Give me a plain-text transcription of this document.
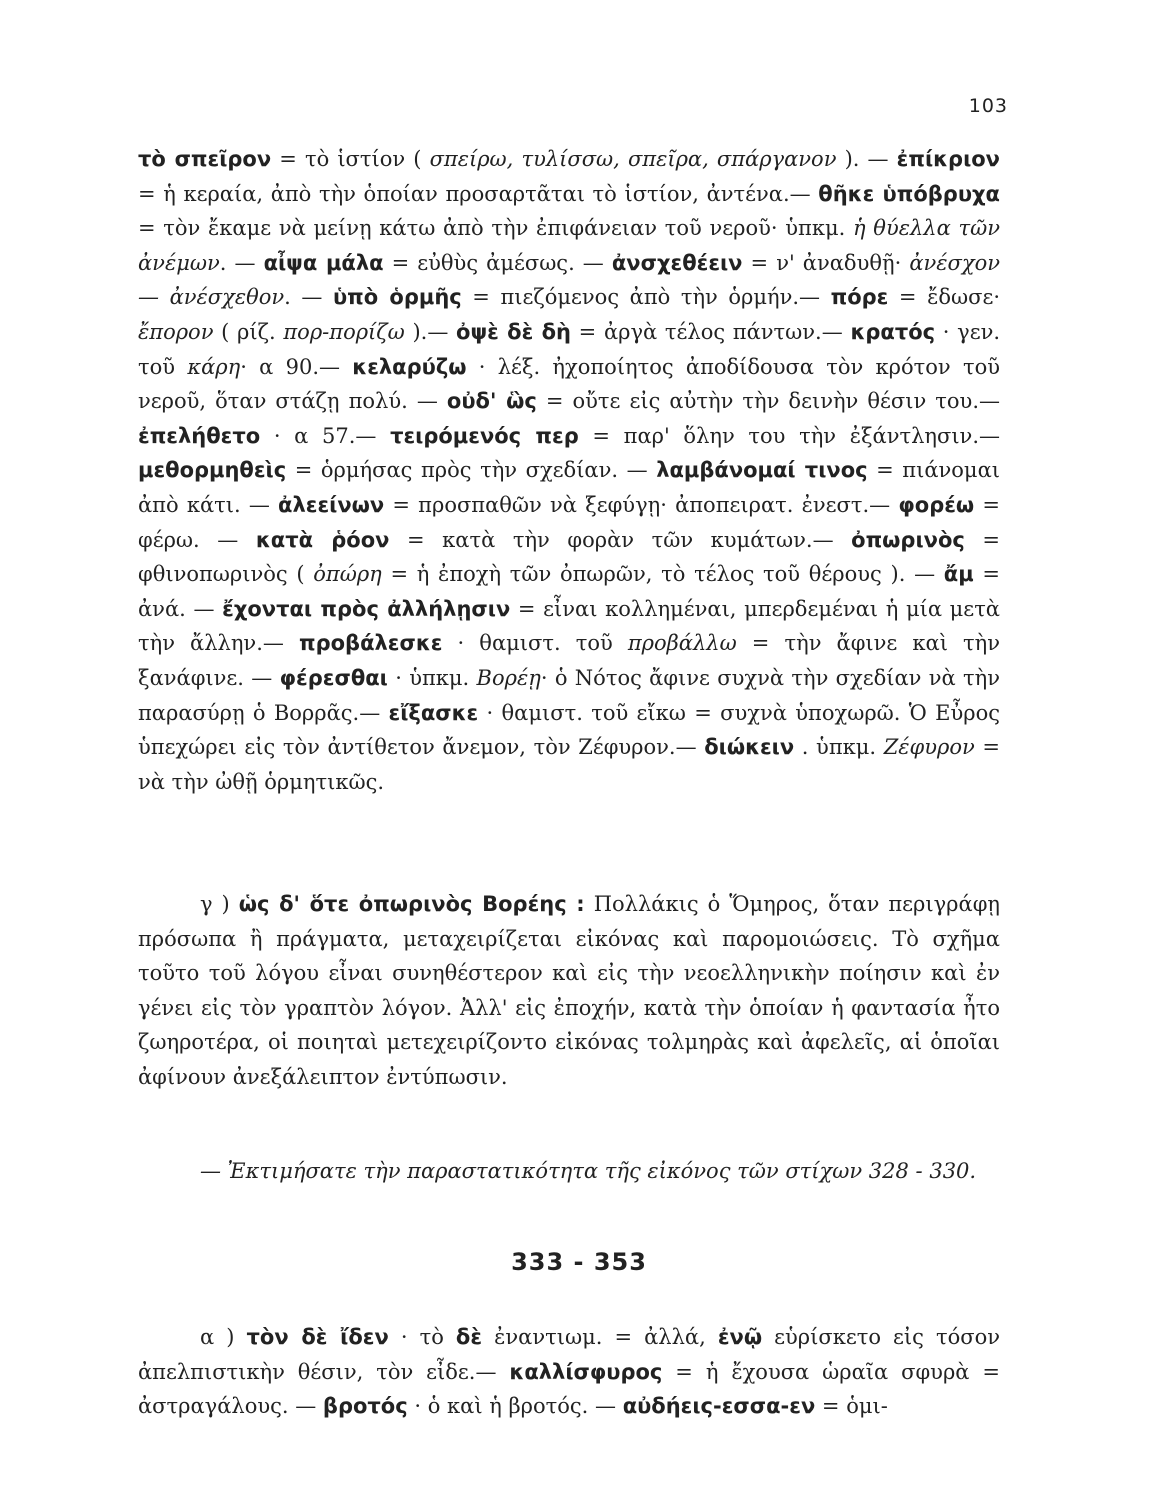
103
τὸ σπεῖρον = τὸ ἱστίον ( σπείρω, τυλίσσω, σπεῖρα, σπάργανον ). — ἐπίκριον = ἡ κεραία, ἀπὸ τὴν ὁποίαν προσαρτᾶται τὸ ἱστίον, ἀντένα.— θῆκε ὑπόβρυχα = τὸν ἔκαμε νὰ μείνῃ κάτω ἀπὸ τὴν ἐπιφάνειαν τοῦ νεροῦ· ὑπκμ. ἡ θύελλα τῶν ἀνέμων. — αἶψα μάλα = εὐθὺς ἀμέσως. — ἀνσχεθέειν = ν' ἀναδυθῇ· ἀνέσχον — ἀνέσχεθον. — ὑπὸ ὁρμῆς = πιεζόμενος ἀπὸ τὴν ὁρμήν.— πόρε = ἔδωσε· ἔπορον ( ρίζ. πορ-πορίζω ).— ὀψὲ δὲ δὴ = ἀργὰ τέλος πάντων.— κρατός · γεν. τοῦ κάρη· α 90.— κελαρύζω · λέξ. ἠχοποίητος ἀποδίδουσα τὸν κρότον τοῦ νεροῦ, ὅταν στάζῃ πολύ. — οὐδ' ὣς = οὔτε εἰς αὐτὴν τὴν δεινὴν θέσιν του.— ἐπελήθετο · α 57.— τειρόμενός περ = παρ' ὅλην του τὴν ἐξάντλησιν.— μεθορμηθεὶς = ὁρμήσας πρὸς τὴν σχεδίαν. — λαμβάνομαί τινος = πιάνομαι ἀπὸ κάτι. — ἀλεείνων = προσπαθῶν νὰ ξεφύγῃ· ἀποπειρατ. ἐνεστ.— φορέω = φέρω. — κατὰ ῥόον = κατὰ τὴν φορὰν τῶν κυμάτων.— ὀπωρινὸς = φθινοπωρινὸς ( ὀπώρη = ἡ ἐποχὴ τῶν ὀπωρῶν, τὸ τέλος τοῦ θέρους ). — ἄμ = ἀνά. — ἔχονται πρὸς ἀλλήλῃσιν = εἶναι κολλημέναι, μπερδεμέναι ἡ μία μετὰ τὴν ἄλλην.— προβάλεσκε · θαμιστ. τοῦ προβάλλω = τὴν ἄφινε καὶ τὴν ξανάφινε. — φέρεσθαι · ὑπκμ. Βορέῃ· ὁ Νότος ἄφινε συχνὰ τὴν σχεδίαν νὰ τὴν παρασύρῃ ὁ Βορρᾶς.— εἴξασκε · θαμιστ. τοῦ εἴκω = συχνὰ ὑποχωρῶ. Ὁ Εὖρος ὑπεχώρει εἰς τὸν ἀντίθετον ἄνεμον, τὸν Ζέφυρον.— διώκειν . ὑπκμ. Ζέφυρον = νὰ τὴν ὠθῇ ὁρμητικῶς.
γ ) ὡς δ' ὅτε ὀπωρινὸς Βορέης : Πολλάκις ὁ Ὅμηρος, ὅταν περιγράφῃ πρόσωπα ἢ πράγματα, μεταχειρίζεται εἰκόνας καὶ παρομοιώσεις. Τὸ σχῆμα τοῦτο τοῦ λόγου εἶναι συνηθέστερον καὶ εἰς τὴν νεοελληνικὴν ποίησιν καὶ ἐν γένει εἰς τὸν γραπτὸν λόγον. Ἀλλ' εἰς ἐποχήν, κατὰ τὴν ὁποίαν ἡ φαντασία ἦτο ζωηροτέρα, οἱ ποιηταὶ μετεχειρίζοντο εἰκόνας τολμηρὰς καὶ ἀφελεῖς, αἱ ὁποῖαι ἀφίνουν ἀνεξάλειπτον ἐντύπωσιν.
— Ἐκτιμήσατε τὴν παραστατικότητα τῆς εἰκόνος τῶν στίχων 328 - 330.
333 - 353
α ) τὸν δὲ ἴδεν · τὸ δὲ ἐναντιωμ. = ἀλλά, ἐνῷ εὑρίσκετο εἰς τόσον ἀπελπιστικὴν θέσιν, τὸν εἶδε.— καλλίσφυρος = ἡ ἔχουσα ὡραῖα σφυρὰ = ἀστραγάλους. — βροτός · ὁ καὶ ἡ βροτός. — αὐδήεις-εσσα-εν = ὁμι-
